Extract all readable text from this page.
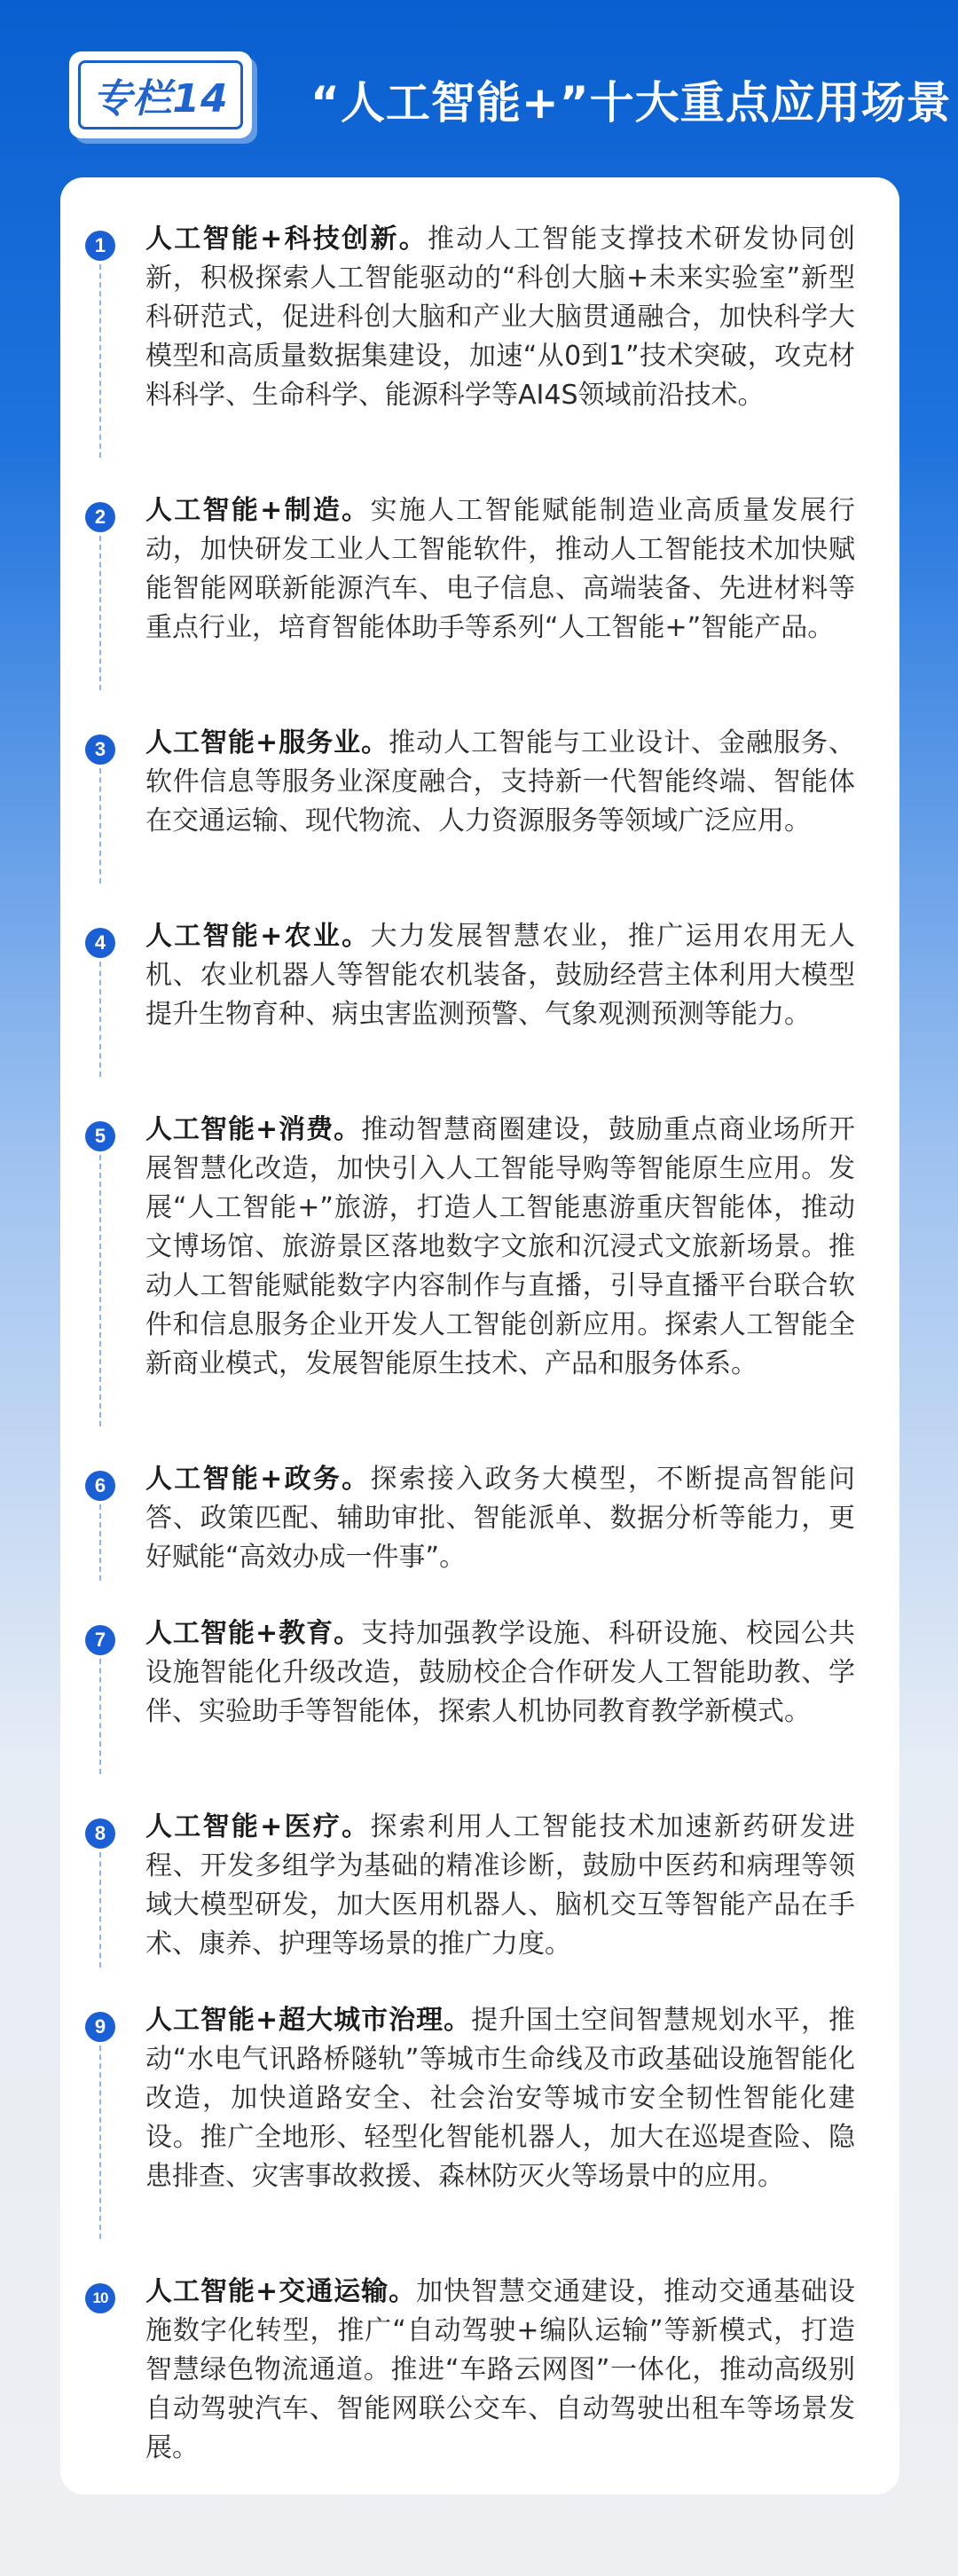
专栏14 “人工智能+”十大重点应用场景
1	人工智能+科技创新。推动人工智能支撑技术研发协同创新，积极探索人工智能驱动的“科创大脑+未来实验室”新型科研范式，促进科创大脑和产业大脑贯通融合，加快科学大模型和高质量数据集建设，加速“从0到1”技术突破，攻克材料科学、生命科学、能源科学等AI4S领域前沿技术。
2	人工智能+制造。实施人工智能赋能制造业高质量发展行动，加快研发工业人工智能软件，推动人工智能技术加快赋能智能网联新能源汽车、电子信息、高端装备、先进材料等重点行业，培育智能体助手等系列“人工智能+”智能产品。
3	人工智能+服务业。推动人工智能与工业设计、金融服务、软件信息等服务业深度融合，支持新一代智能终端、智能体在交通运输、现代物流、人力资源服务等领域广泛应用。
4	人工智能+农业。大力发展智慧农业，推广运用农用无人机、农业机器人等智能农机装备，鼓励经营主体利用大模型提升生物育种、病虫害监测预警、气象观测预测等能力。
5	人工智能+消费。推动智慧商圈建设，鼓励重点商业场所开展智慧化改造，加快引入人工智能导购等智能原生应用。发展“人工智能+”旅游，打造人工智能惠游重庆智能体，推动文博场馆、旅游景区落地数字文旅和沉浸式文旅新场景。推动人工智能赋能数字内容制作与直播，引导直播平台联合软件和信息服务企业开发人工智能创新应用。探索人工智能全新商业模式，发展智能原生技术、产品和服务体系。
6	人工智能+政务。探索接入政务大模型，不断提高智能问答、政策匹配、辅助审批、智能派单、数据分析等能力，更好赋能“高效办成一件事”。
7	人工智能+教育。支持加强教学设施、科研设施、校园公共设施智能化升级改造，鼓励校企合作研发人工智能助教、学伴、实验助手等智能体，探索人机协同教育教学新模式。
8	人工智能+医疗。探索利用人工智能技术加速新药研发进程、开发多组学为基础的精准诊断，鼓励中医药和病理等领域大模型研发，加大医用机器人、脑机交互等智能产品在手术、康养、护理等场景的推广力度。
9	人工智能+超大城市治理。提升国土空间智慧规划水平，推动“水电气讯路桥隧轨”等城市生命线及市政基础设施智能化改造，加快道路安全、社会治安等城市安全韧性智能化建设。推广全地形、轻型化智能机器人，加大在巡堤查险、隐患排查、灾害事故救援、森林防灭火等场景中的应用。
10 人工智能+交通运输。加快智慧交通建设，推动交通基础设施数字化转型，推广“自动驾驶+编队运输”等新模式，打造智慧绿色物流通道。推进“车路云网图”一体化，推动高级别自动驾驶汽车、智能网联公交车、自动驾驶出租车等场景发展。
